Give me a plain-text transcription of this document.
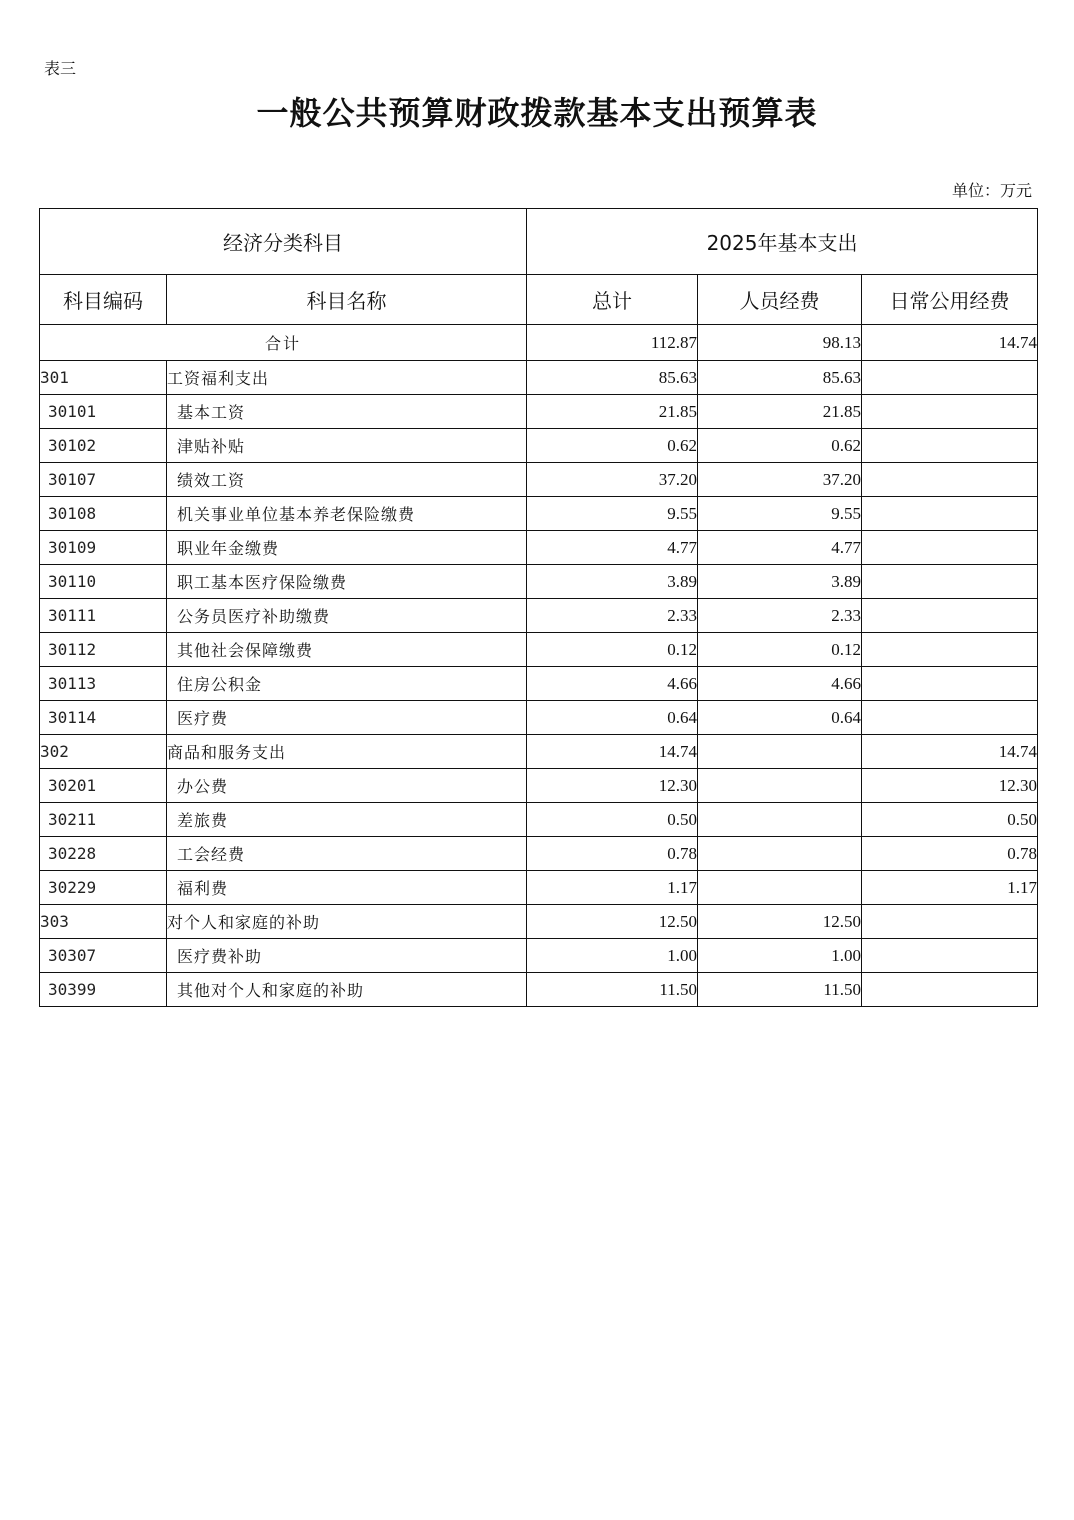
表三
一般公共预算财政拨款基本支出预算表
单位：万元
经济分类科目		2025年基本支出		
科目编码	科目名称	总计	人员经费	日常公用经费
合计		112.87	98.13	14.74
301	工资福利支出	85.63	85.63	
30101	基本工资	21.85	21.85	
30102	津贴补贴	0.62	0.62	
30107	绩效工资	37.20	37.20	
30108	机关事业单位基本养老保险缴费	9.55	9.55	
30109	职业年金缴费	4.77	4.77	
30110	职工基本医疗保险缴费	3.89	3.89	
30111	公务员医疗补助缴费	2.33	2.33	
30112	其他社会保障缴费	0.12	0.12	
30113	住房公积金	4.66	4.66	
30114	医疗费	0.64	0.64	
302	商品和服务支出	14.74		14.74
30201	办公费	12.30		12.30
30211	差旅费	0.50		0.50
30228	工会经费	0.78		0.78
30229	福利费	1.17		1.17
303	对个人和家庭的补助	12.50	12.50	
30307	医疗费补助	1.00	1.00	
30399	其他对个人和家庭的补助	11.50	11.50	
